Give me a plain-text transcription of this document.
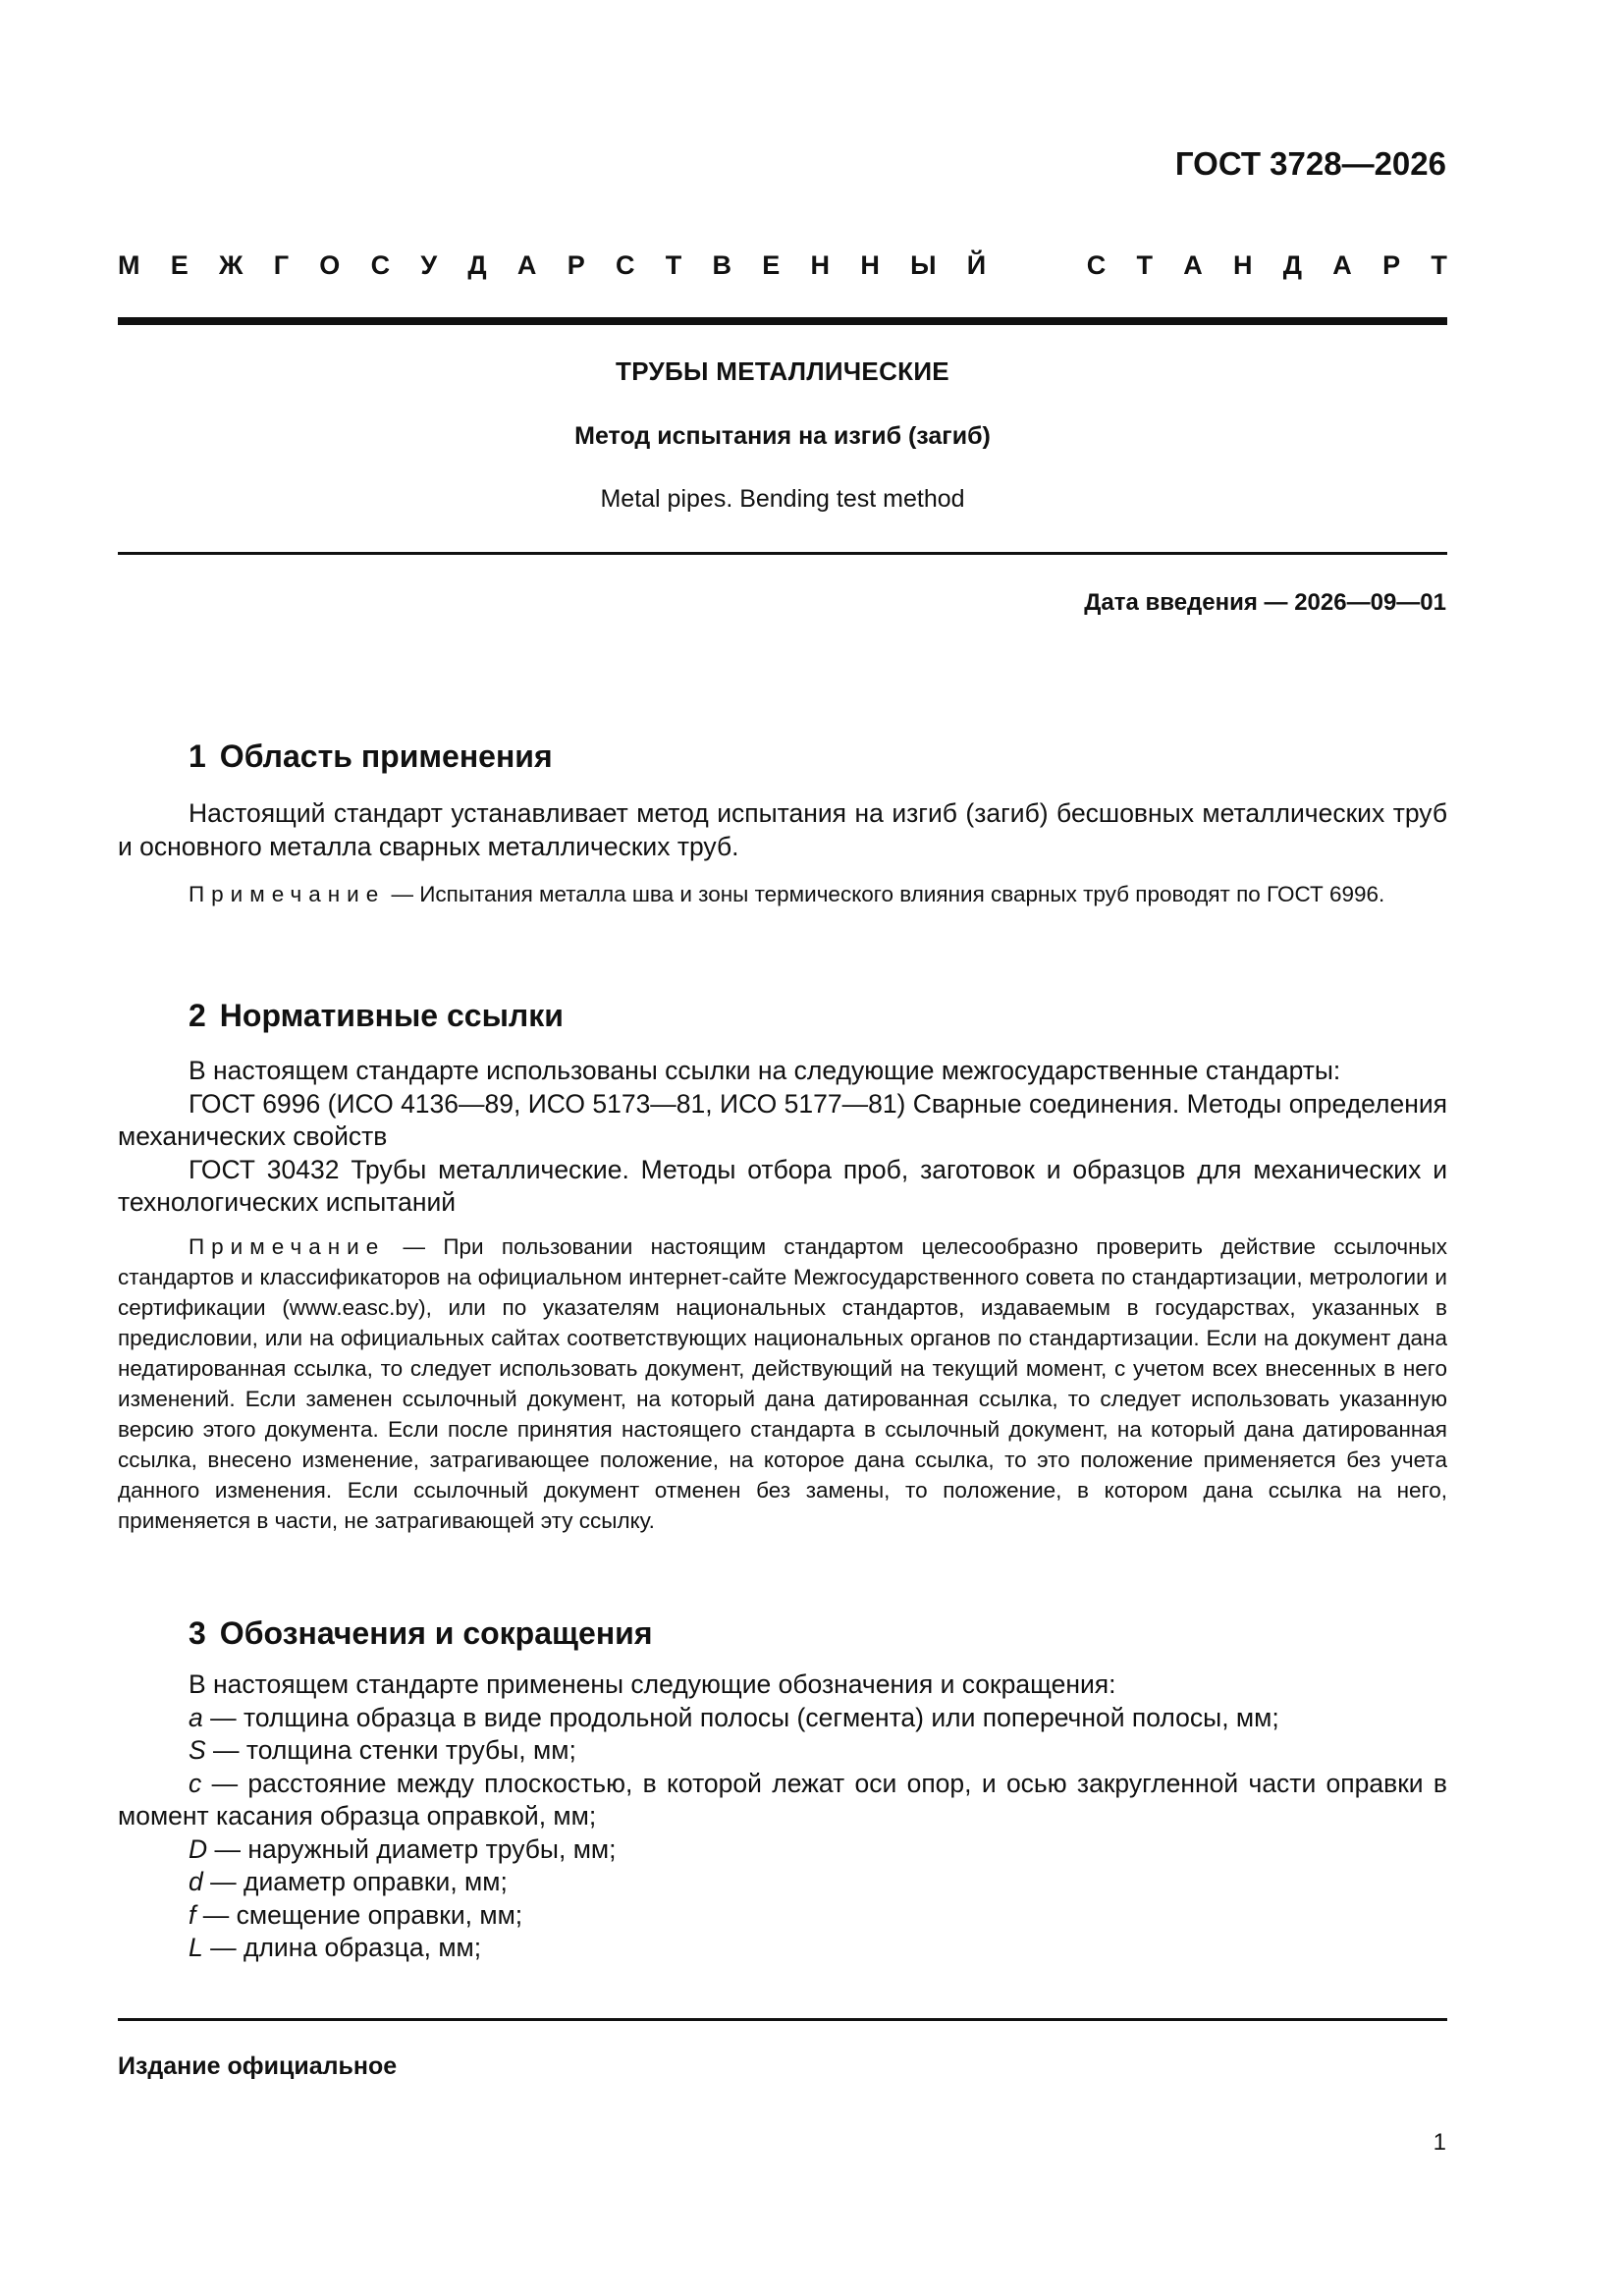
ГОСТ 3728—2026
М Е Ж Г О С У Д А Р С Т В Е Н Н Ы Й	С Т А Н Д А Р Т
ТРУБЫ МЕТАЛЛИЧЕСКИЕ
Метод испытания на изгиб (загиб)
Metal pipes. Bending test method
Дата введения — 2026—09—01
1 Область применения

Настоящий стандарт устанавливает метод испытания на изгиб (загиб) бесшовных металлических труб и основного металла сварных металлических труб.

Примечание — Испытания металла шва и зоны термического влияния сварных труб проводят по ГОСТ 6996.

2 Нормативные ссылки

В настоящем стандарте использованы ссылки на следующие межгосударственные стандарты:

ГОСТ 6996 (ИСО 4136—89, ИСО 5173—81, ИСО 5177—81) Сварные соединения. Методы определения механических свойств

ГОСТ 30432 Трубы металлические. Методы отбора проб, заготовок и образцов для механических и технологических испытаний

Примечание — При пользовании настоящим стандартом целесообразно проверить действие ссылочных стандартов и классификаторов на официальном интернет-сайте Межгосударственного совета по стандартизации, метрологии и сертификации (www.easc.by), или по указателям национальных стандартов, издаваемым в государствах, указанных в предисловии, или на официальных сайтах соответствующих национальных органов по стандартизации. Если на документ дана недатированная ссылка, то следует использовать документ, действующий на текущий момент, с учетом всех внесенных в него изменений. Если заменен ссылочный документ, на который дана датированная ссылка, то следует использовать указанную версию этого документа. Если после принятия настоящего стандарта в ссылочный документ, на который дана датированная ссылка, внесено изменение, затрагивающее положение, на которое дана ссылка, то это положение применяется без учета данного изменения. Если ссылочный документ отменен без замены, то положение, в котором дана ссылка на него, применяется в части, не затрагивающей эту ссылку.

3 Обозначения и сокращения

В настоящем стандарте применены следующие обозначения и сокращения:

a — толщина образца в виде продольной полосы (сегмента) или поперечной полосы, мм;

S — толщина стенки трубы, мм;

c — расстояние между плоскостью, в которой лежат оси опор, и осью закругленной части оправки в момент касания образца оправкой, мм;

D — наружный диаметр трубы, мм;

d — диаметр оправки, мм;

f — смещение оправки, мм;

L — длина образца, мм;

Издание официальное
1
